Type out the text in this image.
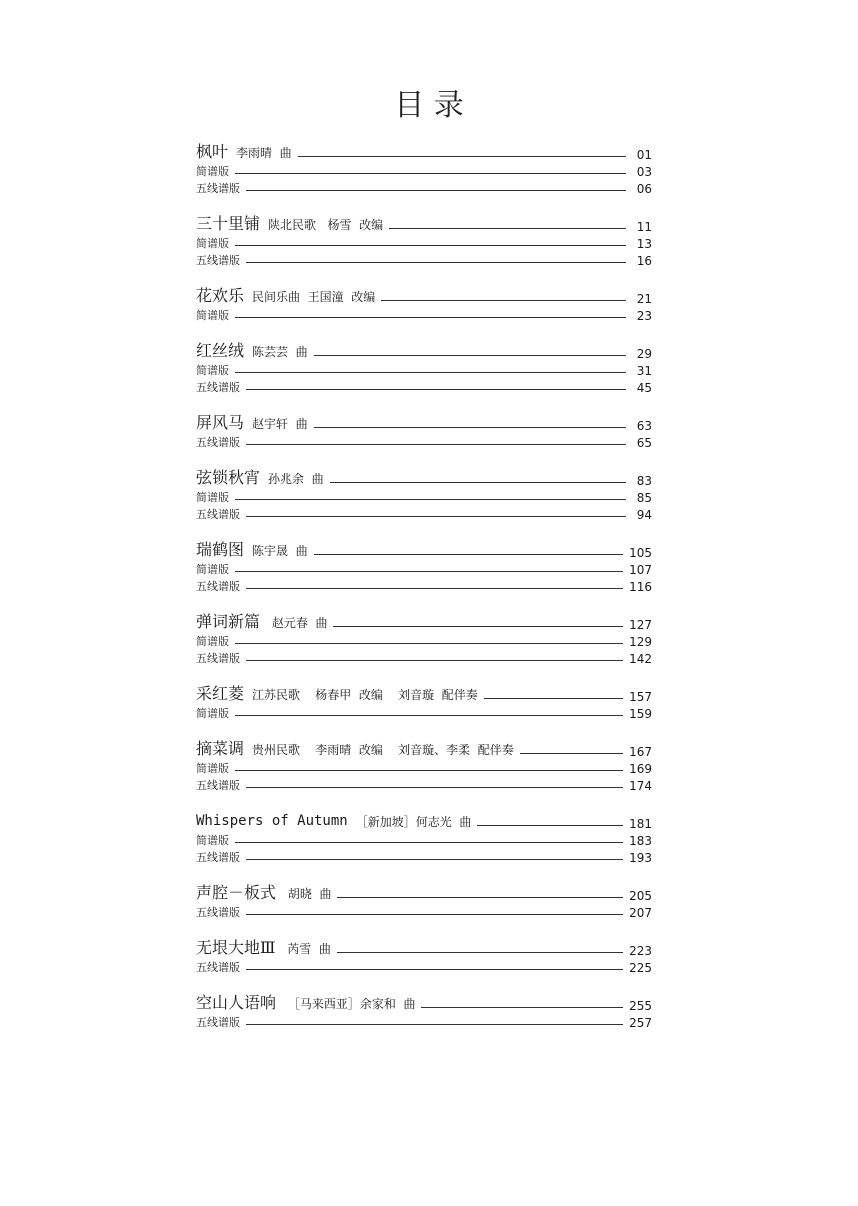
目 录
枫叶 李雨晴  曲	01
简谱版	03
五线谱版	06
三十里铺 陕北民歌   杨雪  改编	11
简谱版	13
五线谱版	16
花欢乐 民间乐曲  王国潼  改编	21
简谱版	23
红丝绒 陈芸芸  曲	29
简谱版	31
五线谱版	45
屏风马 赵宇轩  曲	63
五线谱版	65
弦锁秋宵 孙兆余  曲	83
简谱版	85
五线谱版	94
瑞鹤图 陈宇晟  曲	105
简谱版	107
五线谱版	116
弹词新篇 赵元春  曲	127
简谱版	129
五线谱版	142
采红菱 江苏民歌    杨春甲  改编    刘音璇  配伴奏	157
简谱版	159
摘菜调 贵州民歌    李雨晴  改编    刘音璇、李柔  配伴奏	167
简谱版	169
五线谱版	174
Whispers of Autumn ［新加坡］何志光  曲	181
简谱版	183
五线谱版	193
声腔－板式 胡晓  曲	205
五线谱版	207
无垠大地Ⅲ 芮雪  曲	223
五线谱版	225
空山人语响 ［马来西亚］余家和  曲	255
五线谱版	257
